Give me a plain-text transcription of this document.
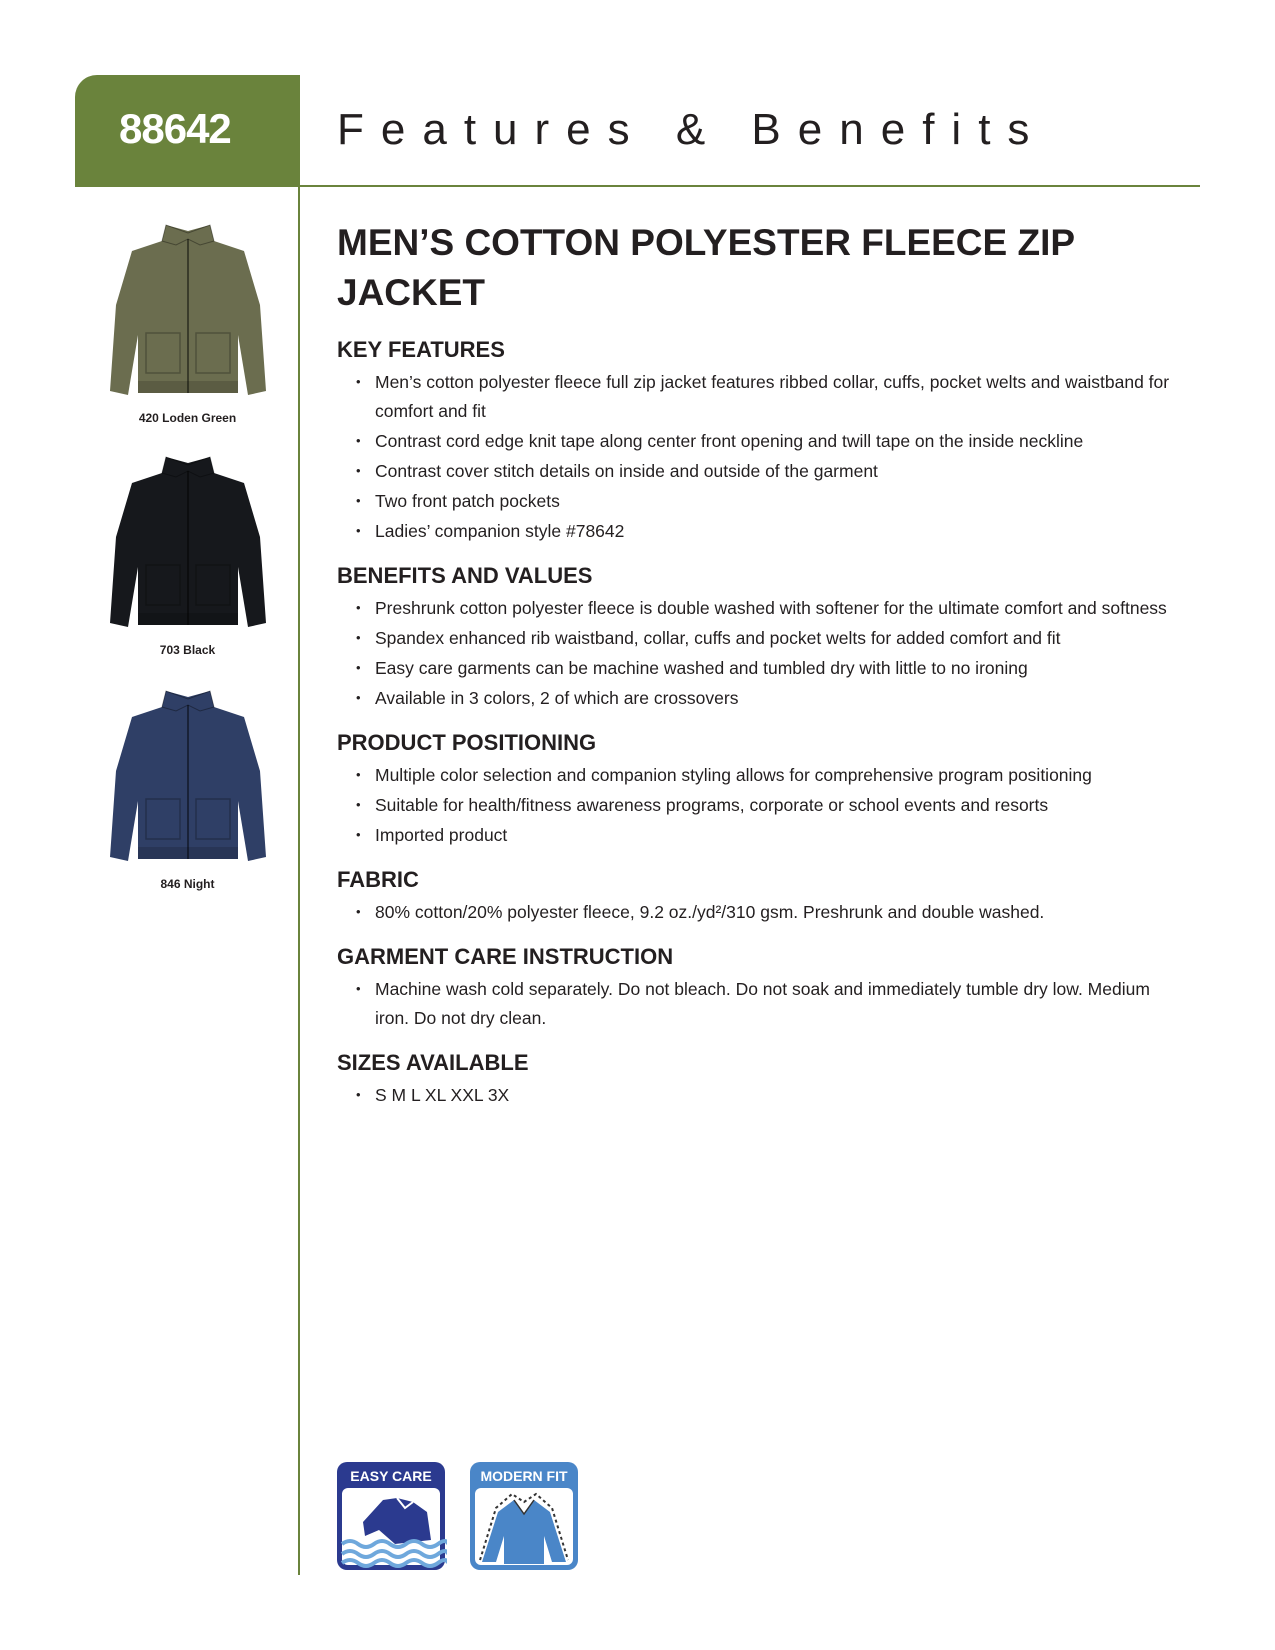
88642 Features & Benefits
420 Loden Green
703 Black
846 Night
MEN’S COTTON POLYESTER FLEECE ZIP JACKET
KEY FEATURES
• Men’s cotton polyester fleece full zip jacket features ribbed collar, cuffs, pocket welts and waistband for comfort and fit
• Contrast cord edge knit tape along center front opening and twill tape on the inside neckline
• Contrast cover stitch details on inside and outside of the garment
• Two front patch pockets
• Ladies’ companion style #78642
BENEFITS AND VALUES
• Preshrunk cotton polyester fleece is double washed with softener for the ultimate comfort and softness
• Spandex enhanced rib waistband, collar, cuffs and pocket welts for added comfort and fit
• Easy care garments can be machine washed and tumbled dry with little to no ironing
• Available in 3 colors, 2 of which are crossovers
PRODUCT POSITIONING
• Multiple color selection and companion styling allows for comprehensive program positioning
• Suitable for health/fitness awareness programs, corporate or school events and resorts
• Imported product
FABRIC
• 80% cotton/20% polyester fleece, 9.2 oz./yd²/310 gsm. Preshrunk and double washed.
GARMENT CARE INSTRUCTION
• Machine wash cold separately. Do not bleach. Do not soak and immediately tumble dry low. Medium iron. Do not dry clean.
SIZES AVAILABLE
• S M L XL XXL 3X
EASY CARE	MODERN FIT
